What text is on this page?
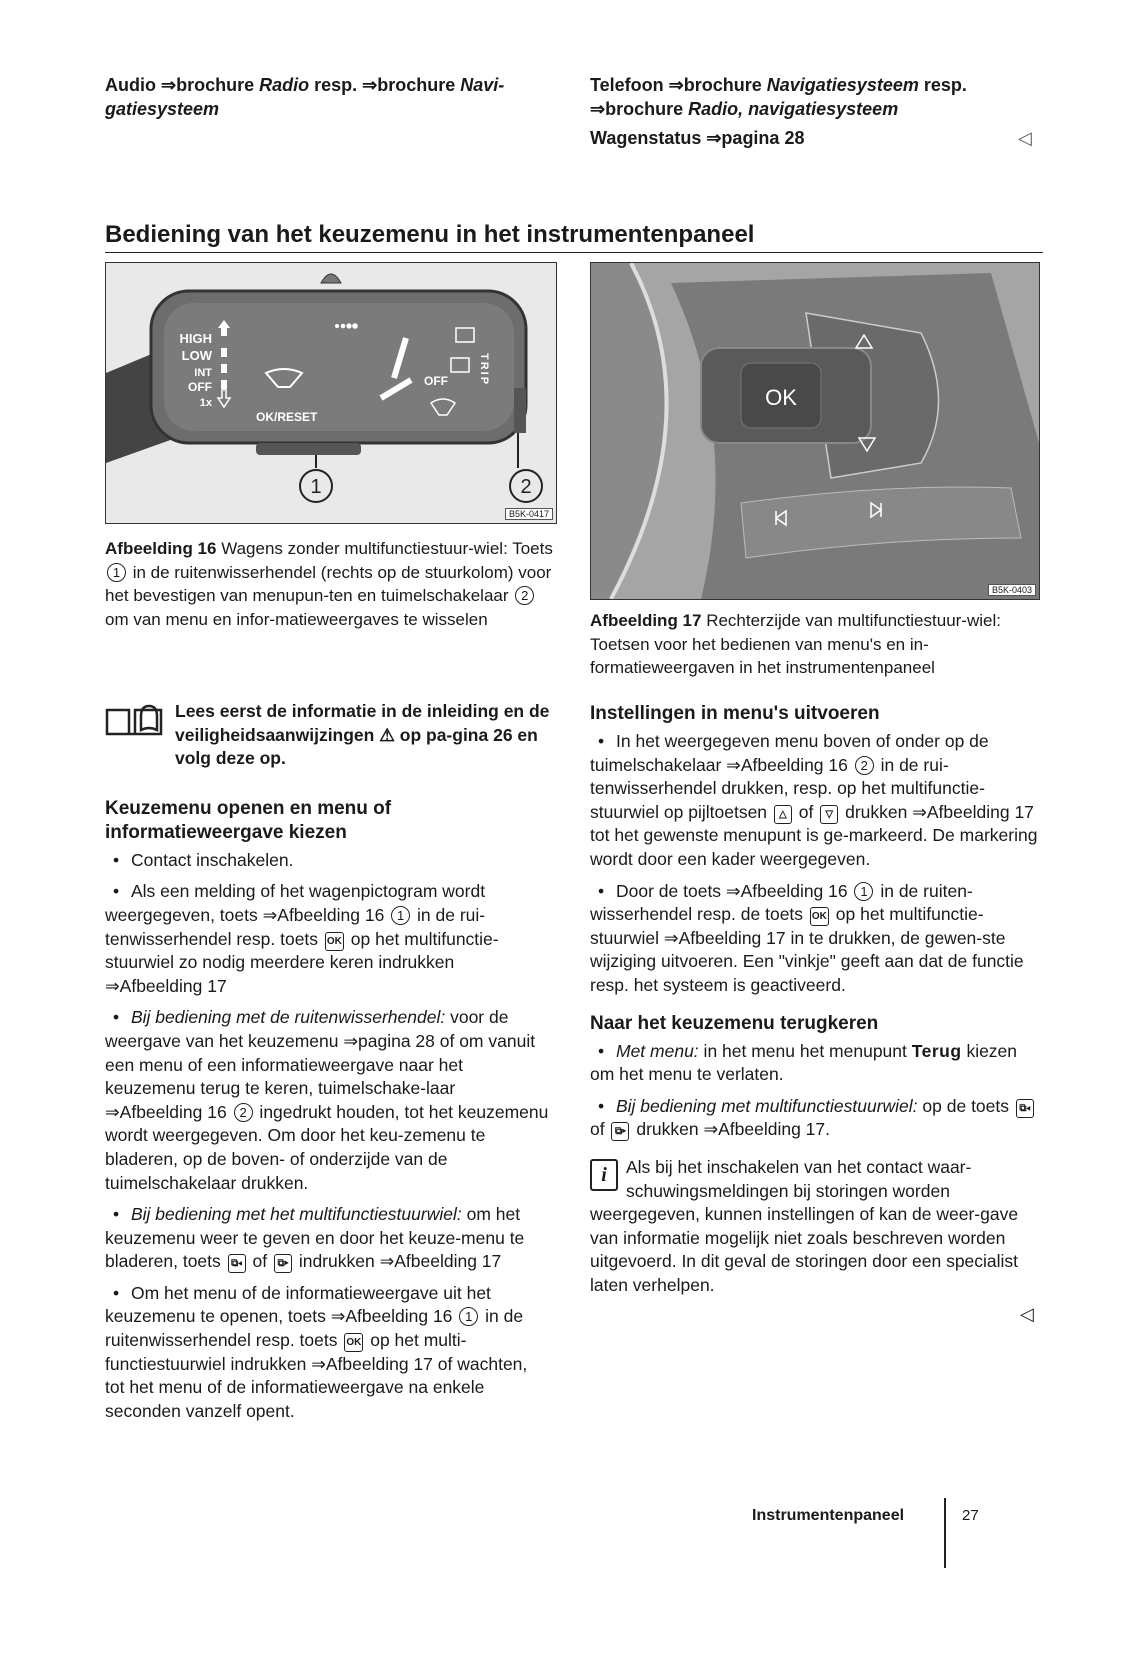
Audio ⇒brochure Radio resp. ⇒brochure Navi-gatiesysteem
Telefoon ⇒brochure Navigatiesysteem resp. ⇒brochure Radio, navigatiesysteem
Wagenstatus ⇒pagina 28	◁
Bediening van het keuzemenu in het instrumentenpaneel
HIGH
LOW
INT
OFF
1x
OK/RESET
OFF	TRIP
1	2
B5K-0417
Afbeelding 16 Wagens zonder multifunctiestuur-wiel: Toets 1 in de ruitenwisserhendel (rechts op de stuurkolom) voor het bevestigen van menupun-ten en tuimelschakelaar 2 om van menu en infor-matieweergaves te wisselen
OK
B5K-0403
Afbeelding 17 Rechterzijde van multifunctiestuur-wiel: Toetsen voor het bedienen van menu's en in-formatieweergaven in het instrumentenpaneel
Lees eerst de informatie in de inleiding en de veiligheidsaanwijzingen ⚠ op pa-gina 26 en volg deze op.
Keuzemenu openen en menu of informatieweergave kiezen

• Contact inschakelen.

• Als een melding of het wagenpictogram wordt weergegeven, toets ⇒Afbeelding 16 1 in de rui-tenwisserhendel resp. toets OK op het multifunctie-stuurwiel zo nodig meerdere keren indrukken ⇒Afbeelding 17

• Bij bediening met de ruitenwisserhendel: voor de weergave van het keuzemenu ⇒pagina 28 of om vanuit een menu of een informatieweergave naar het keuzemenu terug te keren, tuimelschake-laar ⇒Afbeelding 16 2 ingedrukt houden, tot het keuzemenu wordt weergegeven. Om door het keu-zemenu te bladeren, op de boven- of onderzijde van de tuimelschakelaar drukken.

• Bij bediening met het multifunctiestuurwiel: om het keuzemenu weer te geven en door het keuze-menu te bladeren, toets ⧉◂ of ⧉▸ indrukken ⇒Afbeelding 17

• Om het menu of de informatieweergave uit het keuzemenu te openen, toets ⇒Afbeelding 16 1 in de ruitenwisserhendel resp. toets OK op het multi-functiestuurwiel indrukken ⇒Afbeelding 17 of wachten, tot het menu of de informatieweergave na enkele seconden vanzelf opent.

Instellingen in menu's uitvoeren

• In het weergegeven menu boven of onder op de tuimelschakelaar ⇒Afbeelding 16 2 in de rui-tenwisserhendel drukken, resp. op het multifunctie-stuurwiel op pijltoetsen △ of ▽ drukken ⇒Afbeelding 17 tot het gewenste menupunt is ge-markeerd. De markering wordt door een kader weergegeven.

• Door de toets ⇒Afbeelding 16 1 in de ruiten-wisserhendel resp. de toets OK op het multifunctie-stuurwiel ⇒Afbeelding 17 in te drukken, de gewen-ste wijziging uitvoeren. Een "vinkje" geeft aan dat de functie resp. het systeem is geactiveerd.

Naar het keuzemenu terugkeren

• Met menu: in het menu het menupunt Terug kiezen om het menu te verlaten.

• Bij bediening met multifunctiestuurwiel: op de toets ⧉◂ of ⧉▸ drukken ⇒Afbeelding 17.

i	Als bij het inschakelen van het contact waar-schuwingsmeldingen bij storingen worden weergegeven, kunnen instellingen of kan de weer-gave van informatie mogelijk niet zoals beschreven worden uitgevoerd. In dit geval de storingen door een specialist laten verhelpen.
◁
Instrumentenpaneel	27
